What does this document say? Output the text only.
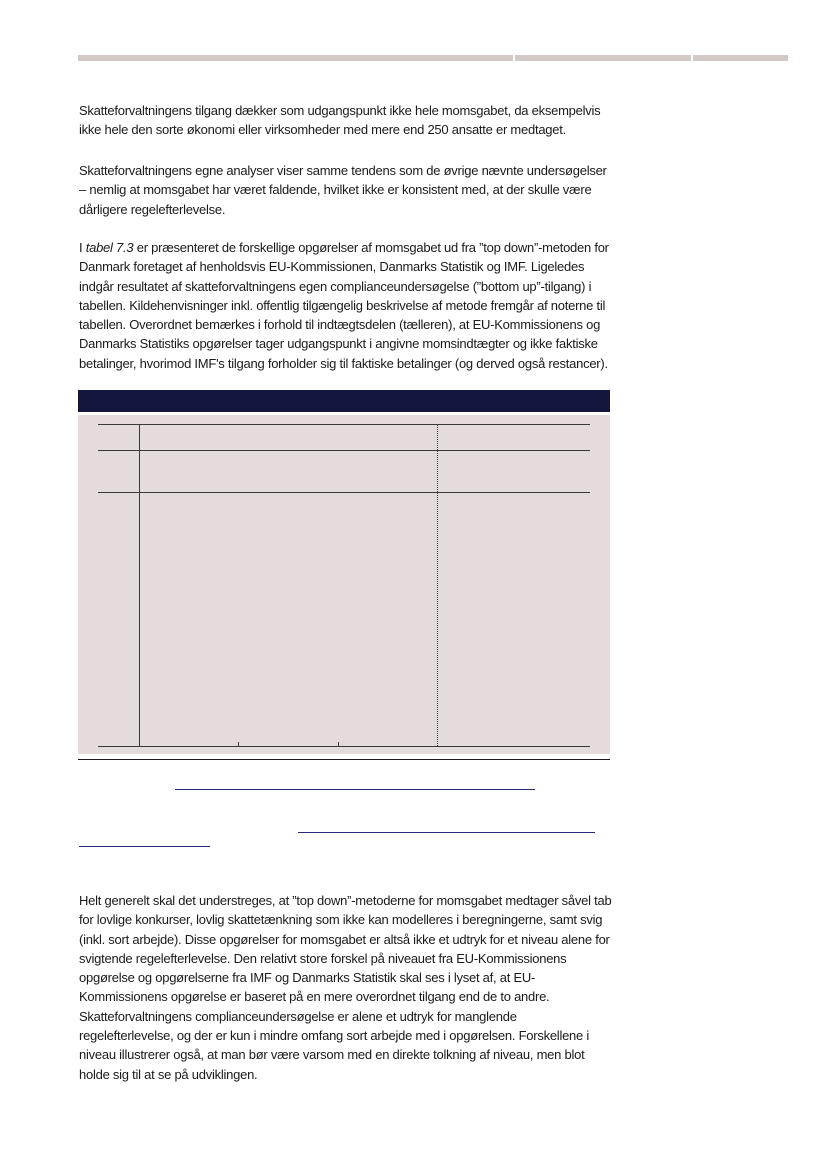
Skatteforvaltningens tilgang dækker som udgangspunkt ikke hele momsgabet, da eksempelvis ikke hele den sorte økonomi eller virksomheder med mere end 250 ansatte er medtaget.

Skatteforvaltningens egne analyser viser samme tendens som de øvrige nævnte undersøgelser – nemlig at momsgabet har været faldende, hvilket ikke er konsistent med, at der skulle være dårligere regelefterlevelse.

I tabel 7.3 er præsenteret de forskellige opgørelser af momsgabet ud fra ”top down”-metoden for Danmark foretaget af henholdsvis EU-Kommissionen, Danmarks Statistik og IMF. Ligeledes indgår resultatet af skatteforvaltningens egen complianceundersøgelse (”bottom up”-tilgang) i tabellen. Kildehenvisninger inkl. offentlig tilgængelig beskrivelse af metode fremgår af noterne til tabellen. Overordnet bemærkes i forhold til indtægtsdelen (tælleren), at EU-Kommissionens og Danmarks Statistiks opgørelser tager udgangspunkt i angivne momsindtægter og ikke faktiske betalinger, hvorimod IMF's tilgang forholder sig til faktiske betalinger (og derved også restancer).

Helt generelt skal det understreges, at ”top down”-metoderne for momsgabet medtager såvel tab for lovlige konkurser, lovlig skattetænkning som ikke kan modelleres i beregningerne, samt svig (inkl. sort arbejde). Disse opgørelser for momsgabet er altså ikke et udtryk for et niveau alene for svigtende regelefterlevelse. Den relativt store forskel på niveauet fra EU-Kommissionens opgørelse og opgørelserne fra IMF og Danmarks Statistik skal ses i lyset af, at EU-Kommissionens opgørelse er baseret på en mere overordnet tilgang end de to andre. Skatteforvaltningens complianceundersøgelse er alene et udtryk for manglende regelefterlevelse, og der er kun i mindre omfang sort arbejde med i opgørelsen. Forskellene i niveau illustrerer også, at man bør være varsom med en direkte tolkning af niveau, men blot holde sig til at se på udviklingen.
